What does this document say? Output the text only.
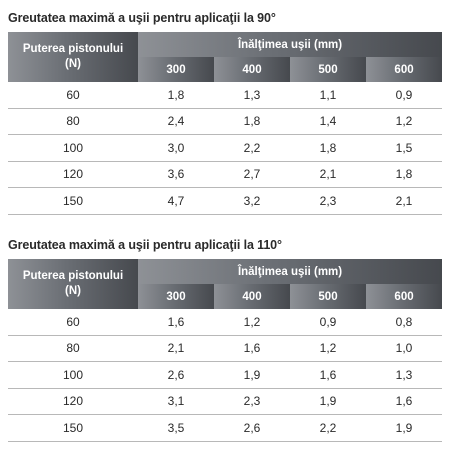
Greutatea maximă a uşii pentru aplicaţii la 90°
Puterea pistonului
(N)	Înălţimea uşii (mm)			
	300	400	500	600
60	1,8	1,3	1,1	0,9
80	2,4	1,8	1,4	1,2
100	3,0	2,2	1,8	1,5
120	3,6	2,7	2,1	1,8
150	4,7	3,2	2,3	2,1
Greutatea maximă a uşii pentru aplicaţii la 110°
Puterea pistonului
(N)	Înălţimea uşii (mm)			
	300	400	500	600
60	1,6	1,2	0,9	0,8
80	2,1	1,6	1,2	1,0
100	2,6	1,9	1,6	1,3
120	3,1	2,3	1,9	1,6
150	3,5	2,6	2,2	1,9
